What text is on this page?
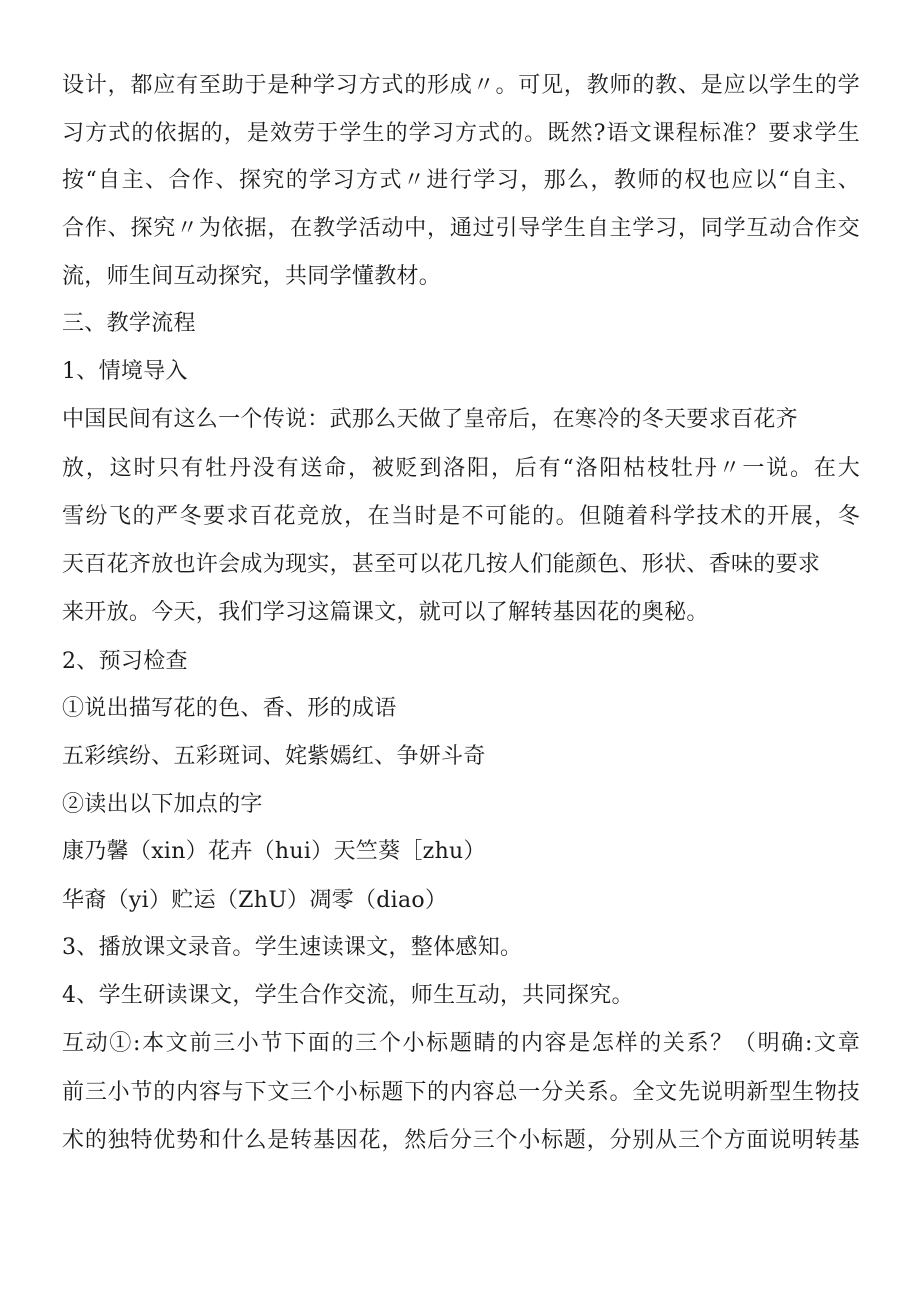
设计，都应有至助于是种学习方式的形成〃。可见，教师的教、是应以学生的学
习方式的依据的，是效劳于学生的学习方式的。既然?语文课程标准？要求学生
按“自主、合作、探究的学习方式〃进行学习，那么，教师的权也应以“自主、
合作、探究〃为依据，在教学活动中，通过引导学生自主学习，同学互动合作交
流，师生间互动探究，共同学懂教材。
三、教学流程
1、情境导入
中国民间有这么一个传说：武那么天做了皇帝后，在寒冷的冬天要求百花齐
放，这时只有牡丹没有送命，被贬到洛阳，后有“洛阳枯枝牡丹〃一说。在大
雪纷飞的严冬要求百花竞放，在当时是不可能的。但随着科学技术的开展，冬
天百花齐放也许会成为现实，甚至可以花几按人们能颜色、形状、香味的要求
来开放。今天，我们学习这篇课文，就可以了解转基因花的奥秘。
2、预习检查
①说出描写花的色、香、形的成语
五彩缤纷、五彩斑词、姹紫嫣红、争妍斗奇
②读出以下加点的字
康乃馨（xin）花卉（hui）天竺葵［zhu）
华裔（yi）贮运（ZhU）凋零（diao）
3、播放课文录音。学生速读课文，整体感知。
4、学生研读课文，学生合作交流，师生互动，共同探究。
互动①:本文前三小节下面的三个小标题睛的内容是怎样的关系？（明确:文章
前三小节的内容与下文三个小标题下的内容总一分关系。全文先说明新型生物技
术的独特优势和什么是转基因花，然后分三个小标题，分别从三个方面说明转基
